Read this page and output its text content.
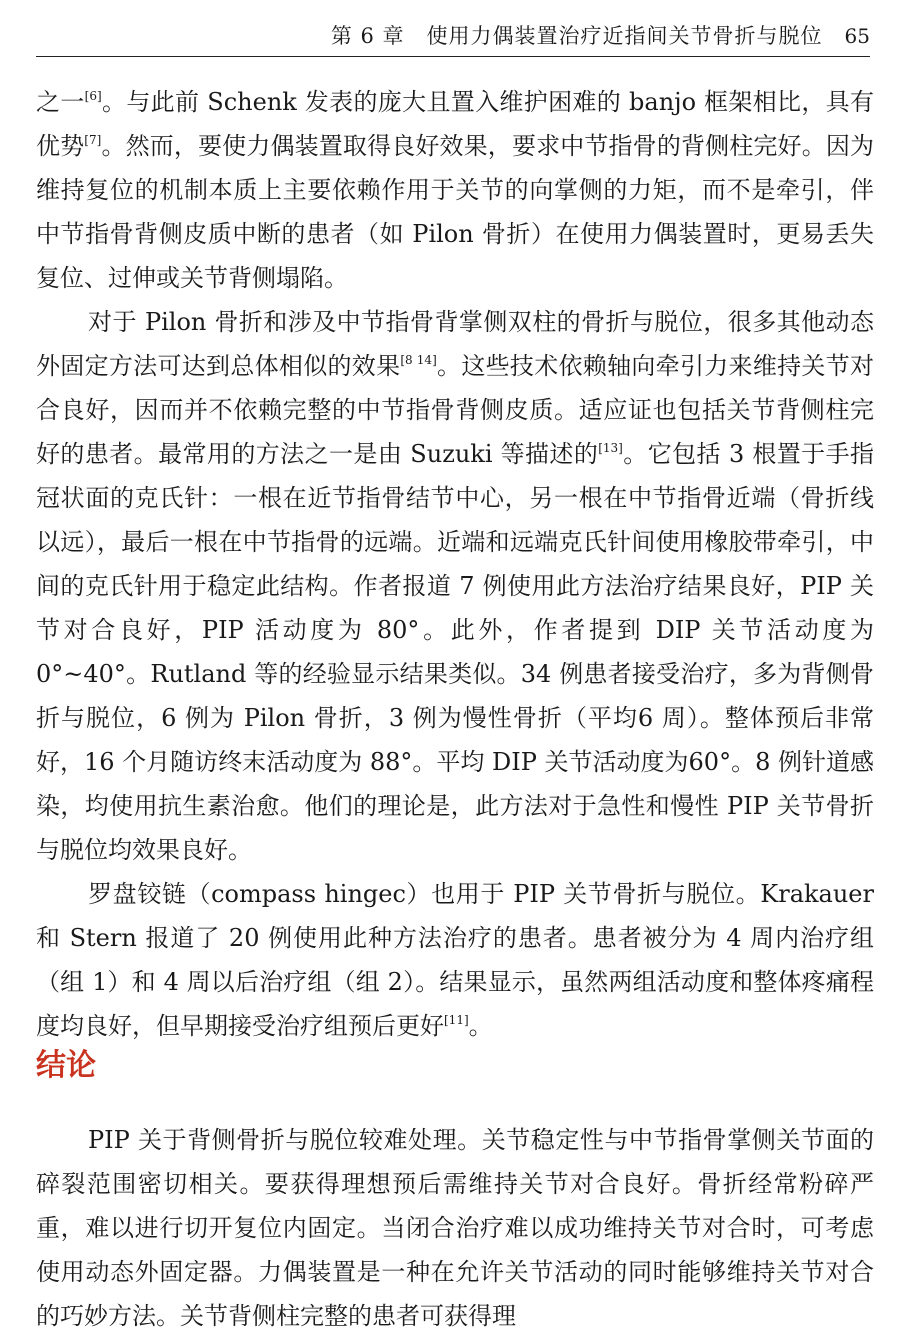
第 6 章　使用力偶装置治疗近指间关节骨折与脱位 65

之一[6]。与此前 Schenk 发表的庞大且置入维护困难的 banjo 框架相比，具有优势[7]。然而，要使力偶装置取得良好效果，要求中节指骨的背侧柱完好。因为维持复位的机制本质上主要依赖作用于关节的向掌侧的力矩，而不是牵引，伴中节指骨背侧皮质中断的患者（如 Pilon 骨折）在使用力偶装置时，更易丢失复位、过伸或关节背侧塌陷。

对于 Pilon 骨折和涉及中节指骨背掌侧双柱的骨折与脱位，很多其他动态外固定方法可达到总体相似的效果[8 14]。这些技术依赖轴向牵引力来维持关节对合良好，因而并不依赖完整的中节指骨背侧皮质。适应证也包括关节背侧柱完好的患者。最常用的方法之一是由 Suzuki 等描述的[13]。它包括 3 根置于手指冠状面的克氏针：一根在近节指骨结节中心，另一根在中节指骨近端（骨折线以远），最后一根在中节指骨的远端。近端和远端克氏针间使用橡胶带牵引，中间的克氏针用于稳定此结构。作者报道 7 例使用此方法治疗结果良好，PIP 关节对合良好，PIP 活动度为 80°。此外，作者提到 DIP 关节活动度为 0°~40°。Rutland 等的经验显示结果类似。34 例患者接受治疗，多为背侧骨折与脱位，6 例为 Pilon 骨折，3 例为慢性骨折（平均6 周）。整体预后非常好，16 个月随访终末活动度为 88°。平均 DIP 关节活动度为60°。8 例针道感染，均使用抗生素治愈。他们的理论是，此方法对于急性和慢性 PIP 关节骨折与脱位均效果良好。

罗盘铰链（compass hingec）也用于 PIP 关节骨折与脱位。Krakauer 和 Stern 报道了 20 例使用此种方法治疗的患者。患者被分为 4 周内治疗组（组 1）和 4 周以后治疗组（组 2）。结果显示，虽然两组活动度和整体疼痛程度均良好，但早期接受治疗组预后更好[11]。

结论

PIP 关于背侧骨折与脱位较难处理。关节稳定性与中节指骨掌侧关节面的碎裂范围密切相关。要获得理想预后需维持关节对合良好。骨折经常粉碎严重，难以进行切开复位内固定。当闭合治疗难以成功维持关节对合时，可考虑使用动态外固定器。力偶装置是一种在允许关节活动的同时能够维持关节对合的巧妙方法。关节背侧柱完整的患者可获得理
